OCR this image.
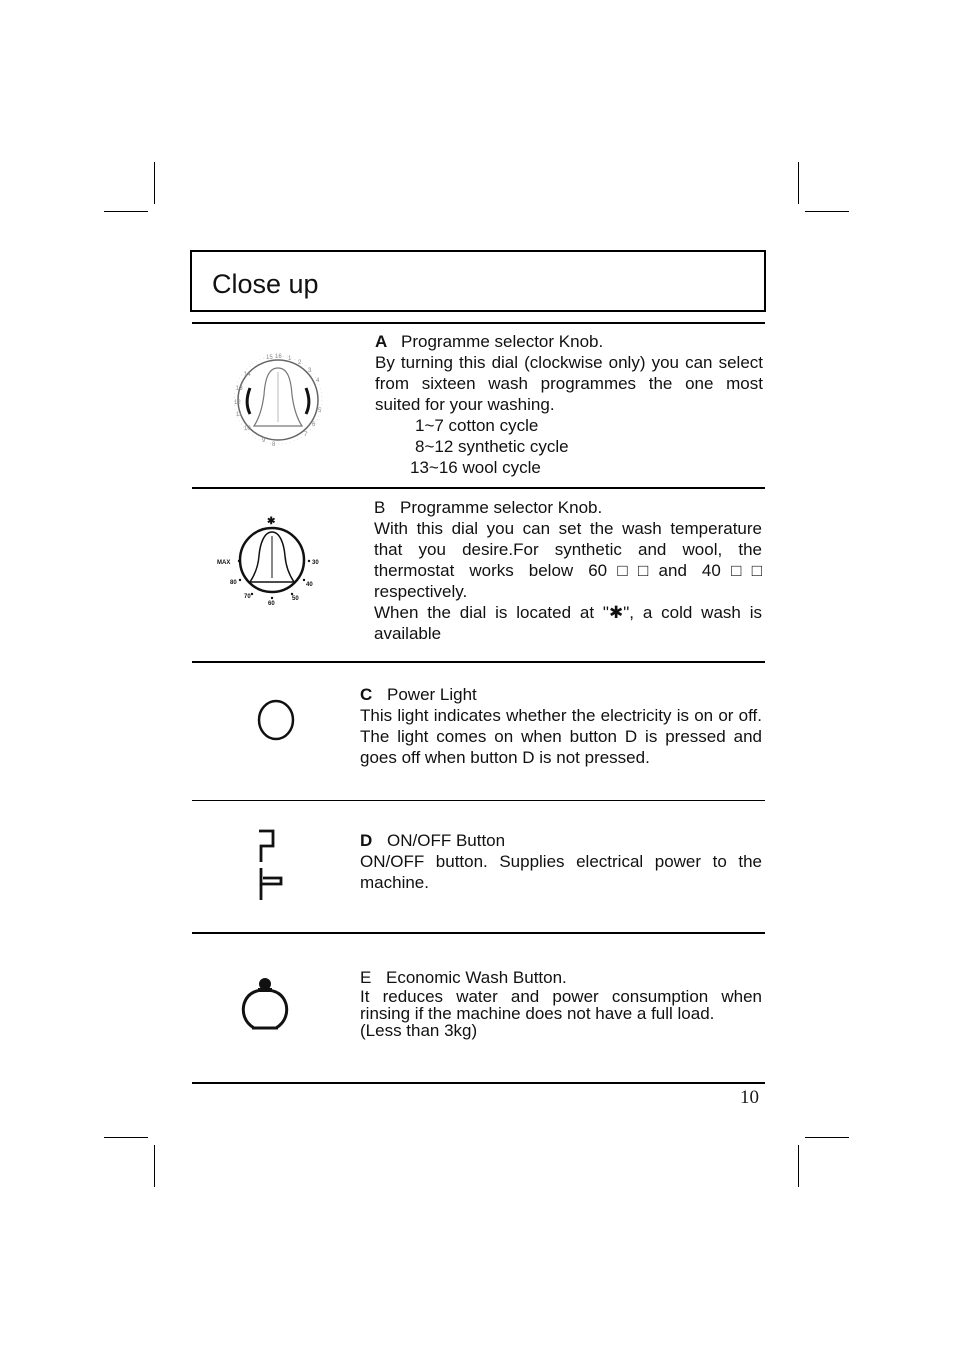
Close up
16
15	1
2
3
4
5
6
7
8
9
10
11
12
13
14

A Programme selector Knob.

By turning this dial (clockwise only) you can select from sixteen wash programmes the one most suited for your washing.

1~7 cotton cycle

8~12 synthetic cycle

13~16 wool cycle

✱
MAX	30
40
50
60
70
80

B Programme selector Knob.

With this dial you can set the wash temperature that you desire.For synthetic and wool, the thermostat works below 60□□and 40□□ respectively.

When the dial is located at "✱", a cold wash is available

C Power Light

This light indicates whether the electricity is on or off. The light comes on when button D is pressed and goes off when button D is not pressed.

D ON/OFF Button

ON/OFF button. Supplies electrical power to the machine.

E Economic Wash Button.

It reduces water and power consumption when rinsing if the machine does not have a full load.

(Less than 3kg)

10
